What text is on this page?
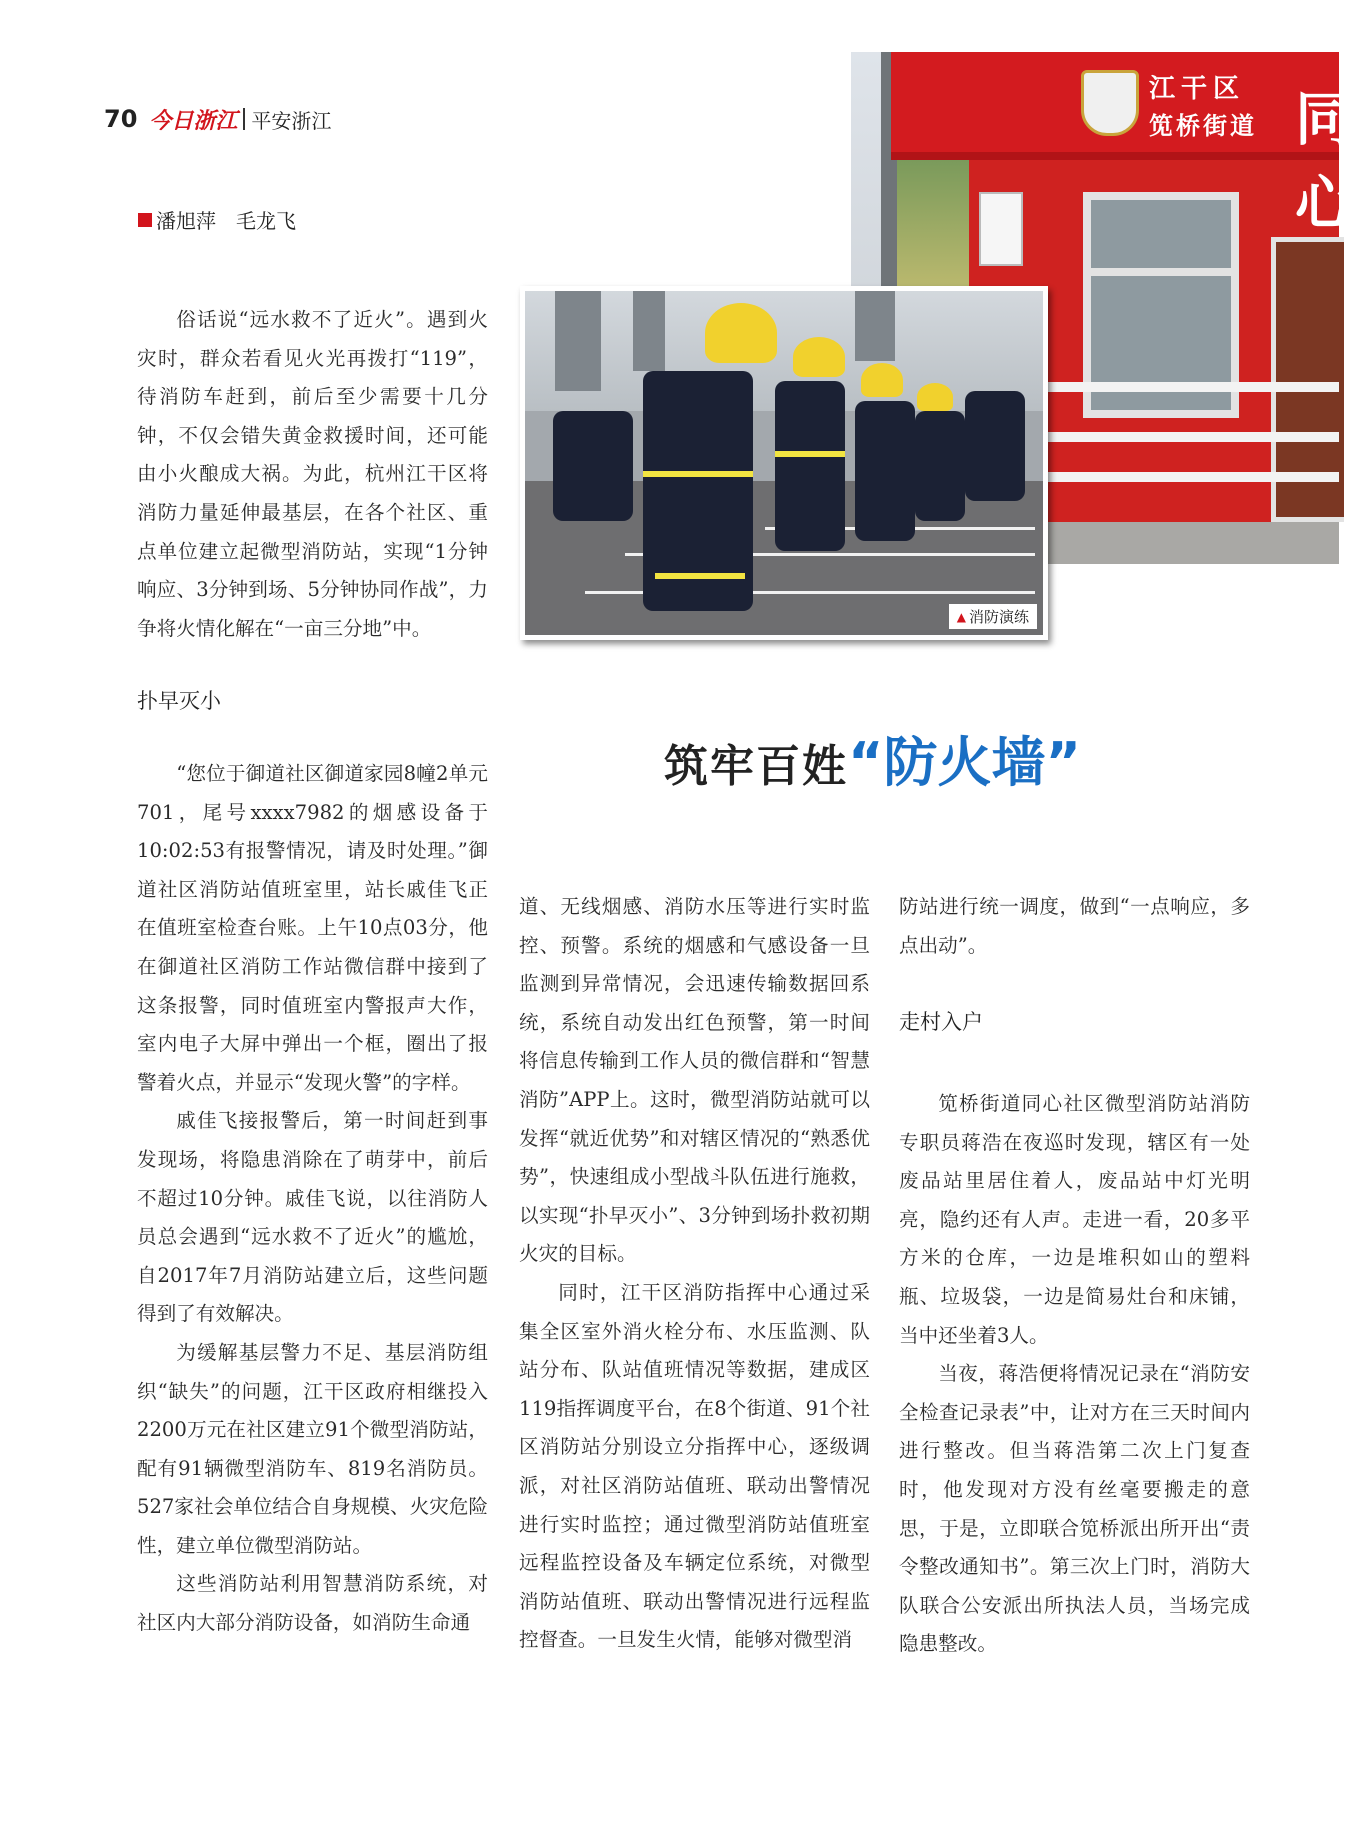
70 今日浙江 平安浙江
潘旭萍 毛龙飞
江干区
笕桥街道 同心
▲ 消防演练

俗话说“远水救不了近火”。遇到火灾时，群众若看见火光再拨打“119”，待消防车赶到，前后至少需要十几分钟，不仅会错失黄金救援时间，还可能由小火酿成大祸。为此，杭州江干区将消防力量延伸最基层，在各个社区、重点单位建立起微型消防站，实现“1分钟响应、3分钟到场、5分钟协同作战”，力争将火情化解在“一亩三分地”中。

扑早灭小
筑牢百姓 “防火墙”

“您位于御道社区御道家园8幢2单元701，尾号xxxx7982的烟感设备于10:02:53有报警情况，请及时处理。”御道社区消防站值班室里，站长戚佳飞正在值班室检查台账。上午10点03分，他在御道社区消防工作站微信群中接到了这条报警，同时值班室内警报声大作，室内电子大屏中弹出一个框，圈出了报警着火点，并显示“发现火警”的字样。

戚佳飞接报警后，第一时间赶到事发现场，将隐患消除在了萌芽中，前后不超过10分钟。戚佳飞说，以往消防人员总会遇到“远水救不了近火”的尴尬，自2017年7月消防站建立后，这些问题得到了有效解决。

为缓解基层警力不足、基层消防组织“缺失”的问题，江干区政府相继投入2200万元在社区建立91个微型消防站，配有91辆微型消防车、819名消防员。527家社会单位结合自身规模、火灾危险性，建立单位微型消防站。

这些消防站利用智慧消防系统，对社区内大部分消防设备，如消防生命通

道、无线烟感、消防水压等进行实时监控、预警。系统的烟感和气感设备一旦监测到异常情况，会迅速传输数据回系统，系统自动发出红色预警，第一时间将信息传输到工作人员的微信群和“智慧消防”APP上。这时，微型消防站就可以发挥“就近优势”和对辖区情况的“熟悉优势”，快速组成小型战斗队伍进行施救，以实现“扑早灭小”、3分钟到场扑救初期火灾的目标。

同时，江干区消防指挥中心通过采集全区室外消火栓分布、水压监测、队站分布、队站值班情况等数据，建成区119指挥调度平台，在8个街道、91个社区消防站分别设立分指挥中心，逐级调派，对社区消防站值班、联动出警情况进行实时监控；通过微型消防站值班室远程监控设备及车辆定位系统，对微型消防站值班、联动出警情况进行远程监控督查。一旦发生火情，能够对微型消

防站进行统一调度，做到“一点响应，多点出动”。

走村入户

笕桥街道同心社区微型消防站消防专职员蒋浩在夜巡时发现，辖区有一处废品站里居住着人，废品站中灯光明亮，隐约还有人声。走进一看，20多平方米的仓库，一边是堆积如山的塑料瓶、垃圾袋，一边是简易灶台和床铺，当中还坐着3人。

当夜，蒋浩便将情况记录在“消防安全检查记录表”中，让对方在三天时间内进行整改。但当蒋浩第二次上门复查时，他发现对方没有丝毫要搬走的意思，于是，立即联合笕桥派出所开出“责令整改通知书”。第三次上门时，消防大队联合公安派出所执法人员，当场完成隐患整改。
